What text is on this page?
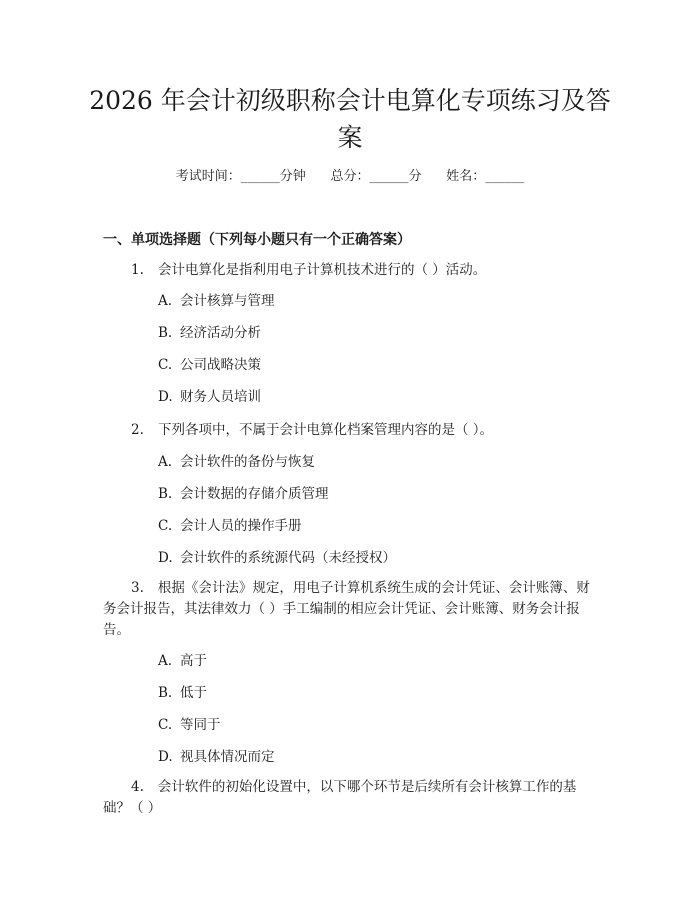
2026 年会计初级职称会计电算化专项练习及答案
考试时间：______分钟      总分：______分      姓名：______
一、单项选择题（下列每小题只有一个正确答案）
1. 会计电算化是指利用电子计算机技术进行的（ ）活动。
A. 会计核算与管理
B. 经济活动分析
C. 公司战略决策
D. 财务人员培训
2. 下列各项中，不属于会计电算化档案管理内容的是（ ）。
A. 会计软件的备份与恢复
B. 会计数据的存储介质管理
C. 会计人员的操作手册
D. 会计软件的系统源代码（未经授权）
3. 根据《会计法》规定，用电子计算机系统生成的会计凭证、会计账簿、财务会计报告，其法律效力（ ）手工编制的相应会计凭证、会计账簿、财务会计报告。
A. 高于
B. 低于
C. 等同于
D. 视具体情况而定
4. 会计软件的初始化设置中，以下哪个环节是后续所有会计核算工作的基础？（ ）
